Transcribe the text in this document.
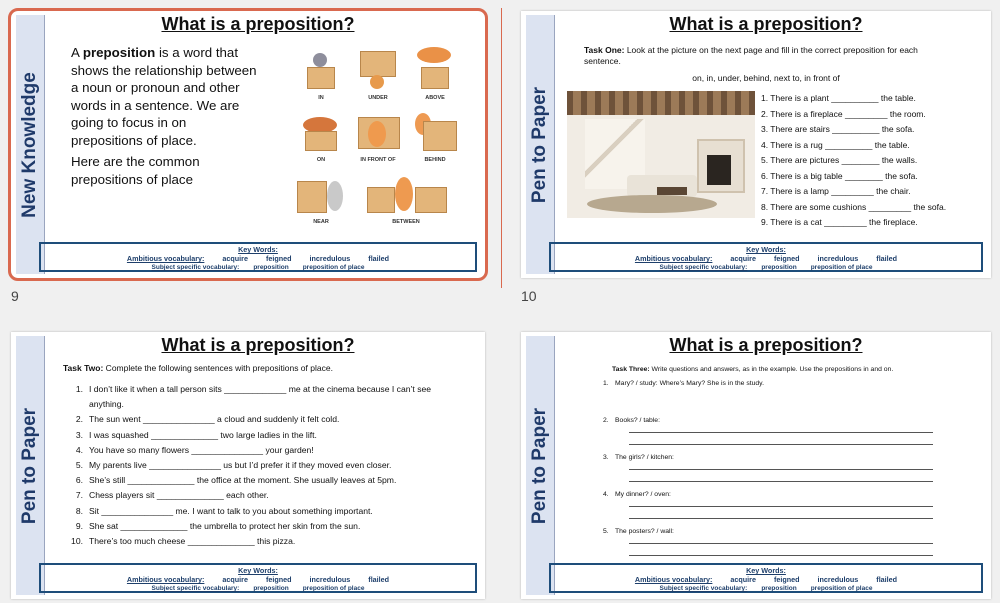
New Knowledge
What is a preposition?

A preposition is a word that shows the relationship between a noun or pronoun and other words in a sentence. We are going to focus in on prepositions of place.

Here are the common prepositions of place

IN	UNDER	ABOVE
ON	IN FRONT OF	BEHIND
NEAR	BETWEEN
Key Words:
Ambitious vocabulary:	acquire	feigned	incredulous	flailed
Subject specific vocabulary: preposition preposition of place
9
Pen to Paper
What is a preposition?
Task One: Look at the picture on the next page and fill in the correct preposition for each sentence.
on, in, under, behind, next to, in front of
1. There is a plant __________ the table.
2. There is a fireplace _________ the room.
3. There are stairs __________ the sofa.
4. There is a rug __________ the table.
5. There are pictures ________ the walls.
6. There is a big table ________ the sofa.
7. There is a lamp _________ the chair.
8. There are some cushions _________ the sofa.
9. There is a cat _________ the fireplace.
Key Words:
Ambitious vocabulary:	acquire	feigned	incredulous	flailed
Subject specific vocabulary: preposition preposition of place
10
Pen to Paper
What is a preposition?
Task Two: Complete the following sentences with prepositions of place.
1. I don’t like it when a tall person sits _____________ me at the cinema because I can’t see anything.
2. The sun went _______________ a cloud and suddenly it felt cold.
3. I was squashed ______________ two large ladies in the lift.
4. You have so many flowers _______________ your garden!
5. My parents live _______________ us but I’d prefer it if they moved even closer.
6. She’s still ______________ the office at the moment. She usually leaves at 5pm.
7. Chess players sit ______________ each other.
8. Sit _______________ me. I want to talk to you about something important.
9. She sat ______________ the umbrella to protect her skin from the sun.
10. There’s too much cheese ______________ this pizza.
Key Words:
Ambitious vocabulary:	acquire	feigned	incredulous	flailed
Subject specific vocabulary: preposition preposition of place
Pen to Paper
What is a preposition?
Task Three: Write questions and answers, as in the example. Use the prepositions in and on.
1. Mary? / study: Where’s Mary? She is in the study.
2. Books? / table:
3. The girls? / kitchen:
4. My dinner? / oven:
5. The posters? / wall:
Key Words:
Ambitious vocabulary:	acquire	feigned	incredulous	flailed
Subject specific vocabulary: preposition preposition of place
